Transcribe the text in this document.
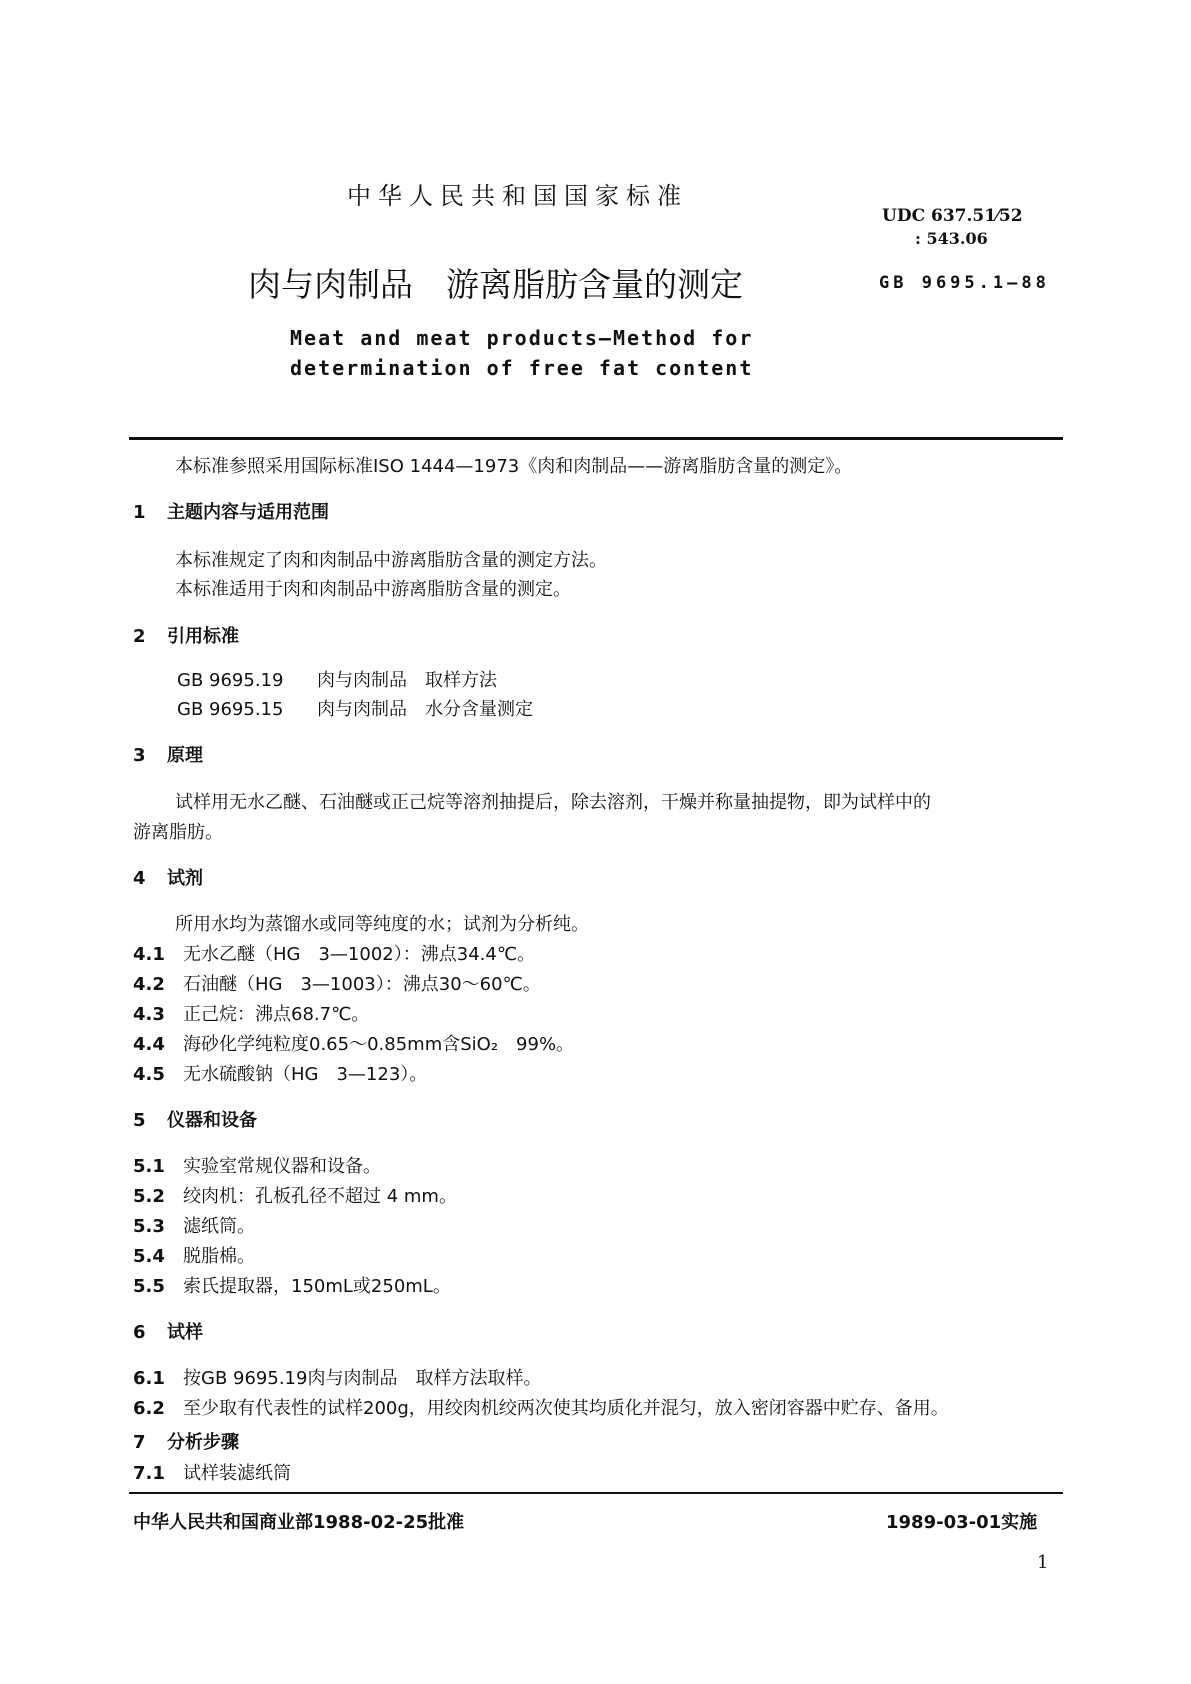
中华人民共和国国家标准
UDC 637.51⁄52
: 543.06
肉与肉制品　游离脂肪含量的测定	GB 9695.1—88
Meat and meat products—Method for
determination of free fat content
本标准参照采用国际标准ISO 1444—1973《肉和肉制品——游离脂肪含量的测定》。
1 主题内容与适用范围
本标准规定了肉和肉制品中游离脂肪含量的测定方法。
本标准适用于肉和肉制品中游离脂肪含量的测定。
2 引用标准
GB 9695.19 肉与肉制品　取样方法
GB 9695.15 肉与肉制品　水分含量测定
3 原理
试样用无水乙醚、石油醚或正己烷等溶剂抽提后，除去溶剂，干燥并称量抽提物，即为试样中的
游离脂肪。
4 试剂
所用水均为蒸馏水或同等纯度的水；试剂为分析纯。
4.1 无水乙醚（HG　3—1002）：沸点34.4℃。
4.2 石油醚（HG　3—1003）：沸点30～60℃。
4.3 正己烷：沸点68.7℃。
4.4 海砂化学纯粒度0.65～0.85mm含SiO₂　99%。
4.5 无水硫酸钠（HG　3—123）。
5 仪器和设备
5.1 实验室常规仪器和设备。
5.2 绞肉机：孔板孔径不超过 4 mm。
5.3 滤纸筒。
5.4 脱脂棉。
5.5 索氏提取器，150mL或250mL。
6 试样
6.1 按GB 9695.19肉与肉制品　取样方法取样。
6.2 至少取有代表性的试样200g，用绞肉机绞两次使其均质化并混匀，放入密闭容器中贮存、备用。
7 分析步骤
7.1 试样装滤纸筒
中华人民共和国商业部1988-02-25批准	1989-03-01实施
1
